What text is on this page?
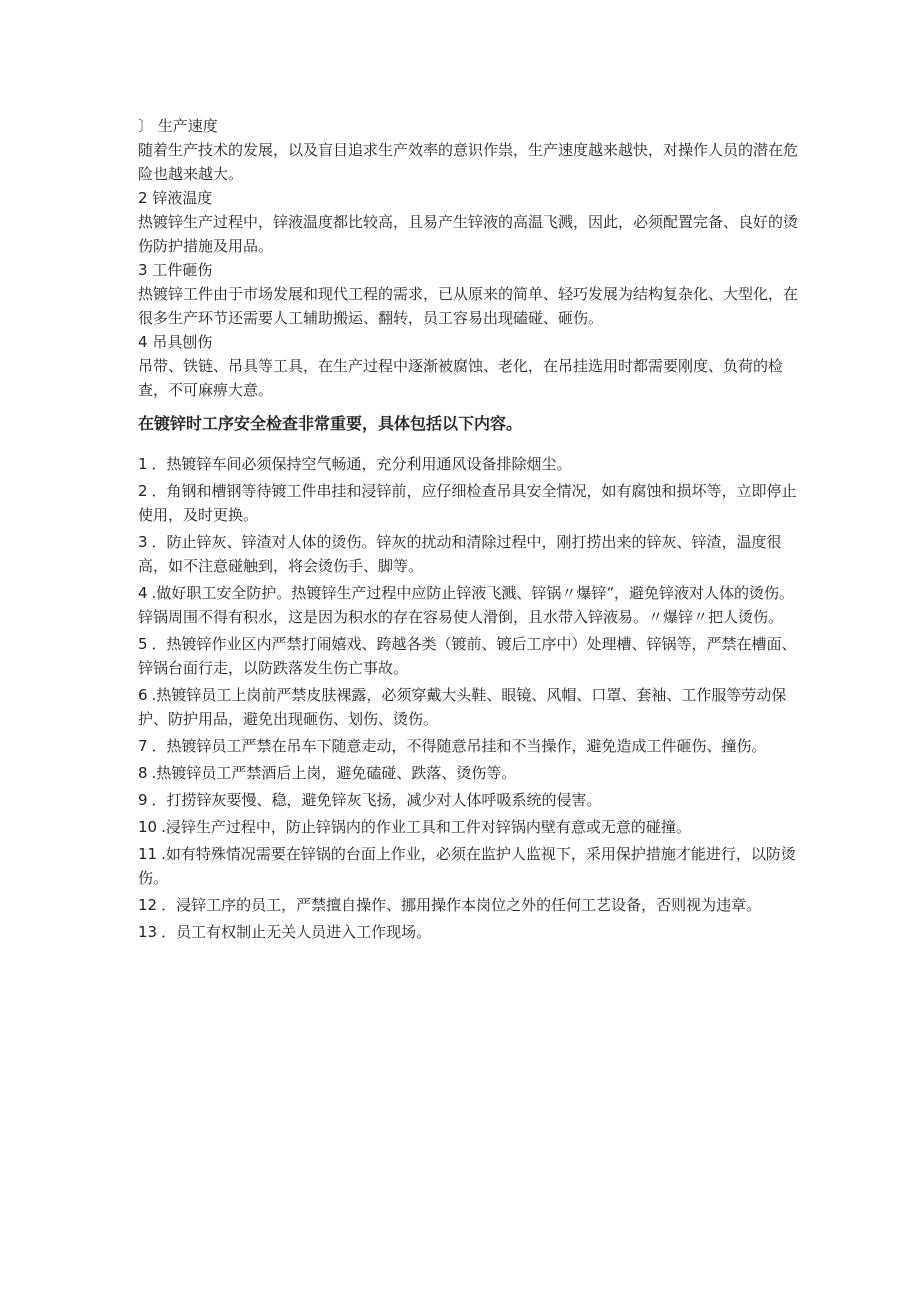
〕 生产速度

随着生产技术的发展，以及盲目追求生产效率的意识作祟，生产速度越来越快，对操作人员的潜在危险也越来越大。

2 锌液温度

热镀锌生产过程中，锌液温度都比较高，且易产生锌液的高温飞溅，因此，必须配置完备、良好的烫伤防护措施及用品。

3 工件砸伤

热镀锌工件由于市场发展和现代工程的需求，已从原来的简单、轻巧发展为结构复杂化、大型化，在很多生产环节还需要人工辅助搬运、翻转，员工容易出现磕碰、砸伤。

4 吊具刨伤

吊带、铁链、吊具等工具，在生产过程中逐渐被腐蚀、老化，在吊挂选用时都需要刚度、负荷的检查，不可麻痹大意。

在镀锌时工序安全检查非常重要，具体包括以下内容。

1 ．热镀锌车间必须保持空气畅通，充分利用通风设备排除烟尘。

2 ．角钢和槽钢等待镀工件串挂和浸锌前，应仔细检查吊具安全情况，如有腐蚀和损坏等，立即停止使用，及时更换。

3 ．防止锌灰、锌渣对人体的烫伤。锌灰的扰动和清除过程中，刚打捞出来的锌灰、锌渣，温度很高，如不注意碰触到，将会烫伤手、脚等。

4 .做好职工安全防护。热镀锌生产过程中应防止锌液飞溅、锌锅〃爆锌“，避免锌液对人体的烫伤。锌锅周围不得有积水，这是因为积水的存在容易使人滑倒，且水带入锌液易。〃爆锌〃把人烫伤。

5 ．热镀锌作业区内严禁打闹嬉戏、跨越各类（镀前、镀后工序中）处理槽、锌锅等，严禁在槽面、锌锅台面行走，以防跌落发生伤亡事故。

6 .热镀锌员工上岗前严禁皮肤裸露，必须穿戴大头鞋、眼镜、风帽、口罩、套袖、工作服等劳动保护、防护用品，避免出现砸伤、划伤、烫伤。

7 ．热镀锌员工严禁在吊车下随意走动，不得随意吊挂和不当操作，避免造成工件砸伤、撞伤。

8 .热镀锌员工严禁酒后上岗，避免磕碰、跌落、烫伤等。

9 ．打捞锌灰要慢、稳，避免锌灰飞扬，减少对人体呼吸系统的侵害。

10 .浸锌生产过程中，防止锌锅内的作业工具和工件对锌锅内壁有意或无意的碰撞。

11 .如有特殊情况需要在锌锅的台面上作业，必须在监护人监视下，采用保护措施才能进行，以防烫伤。

12 ．浸锌工序的员工，严禁擅自操作、挪用操作本岗位之外的任何工艺设备，否则视为违章。

13 ．员工有权制止无关人员进入工作现场。
